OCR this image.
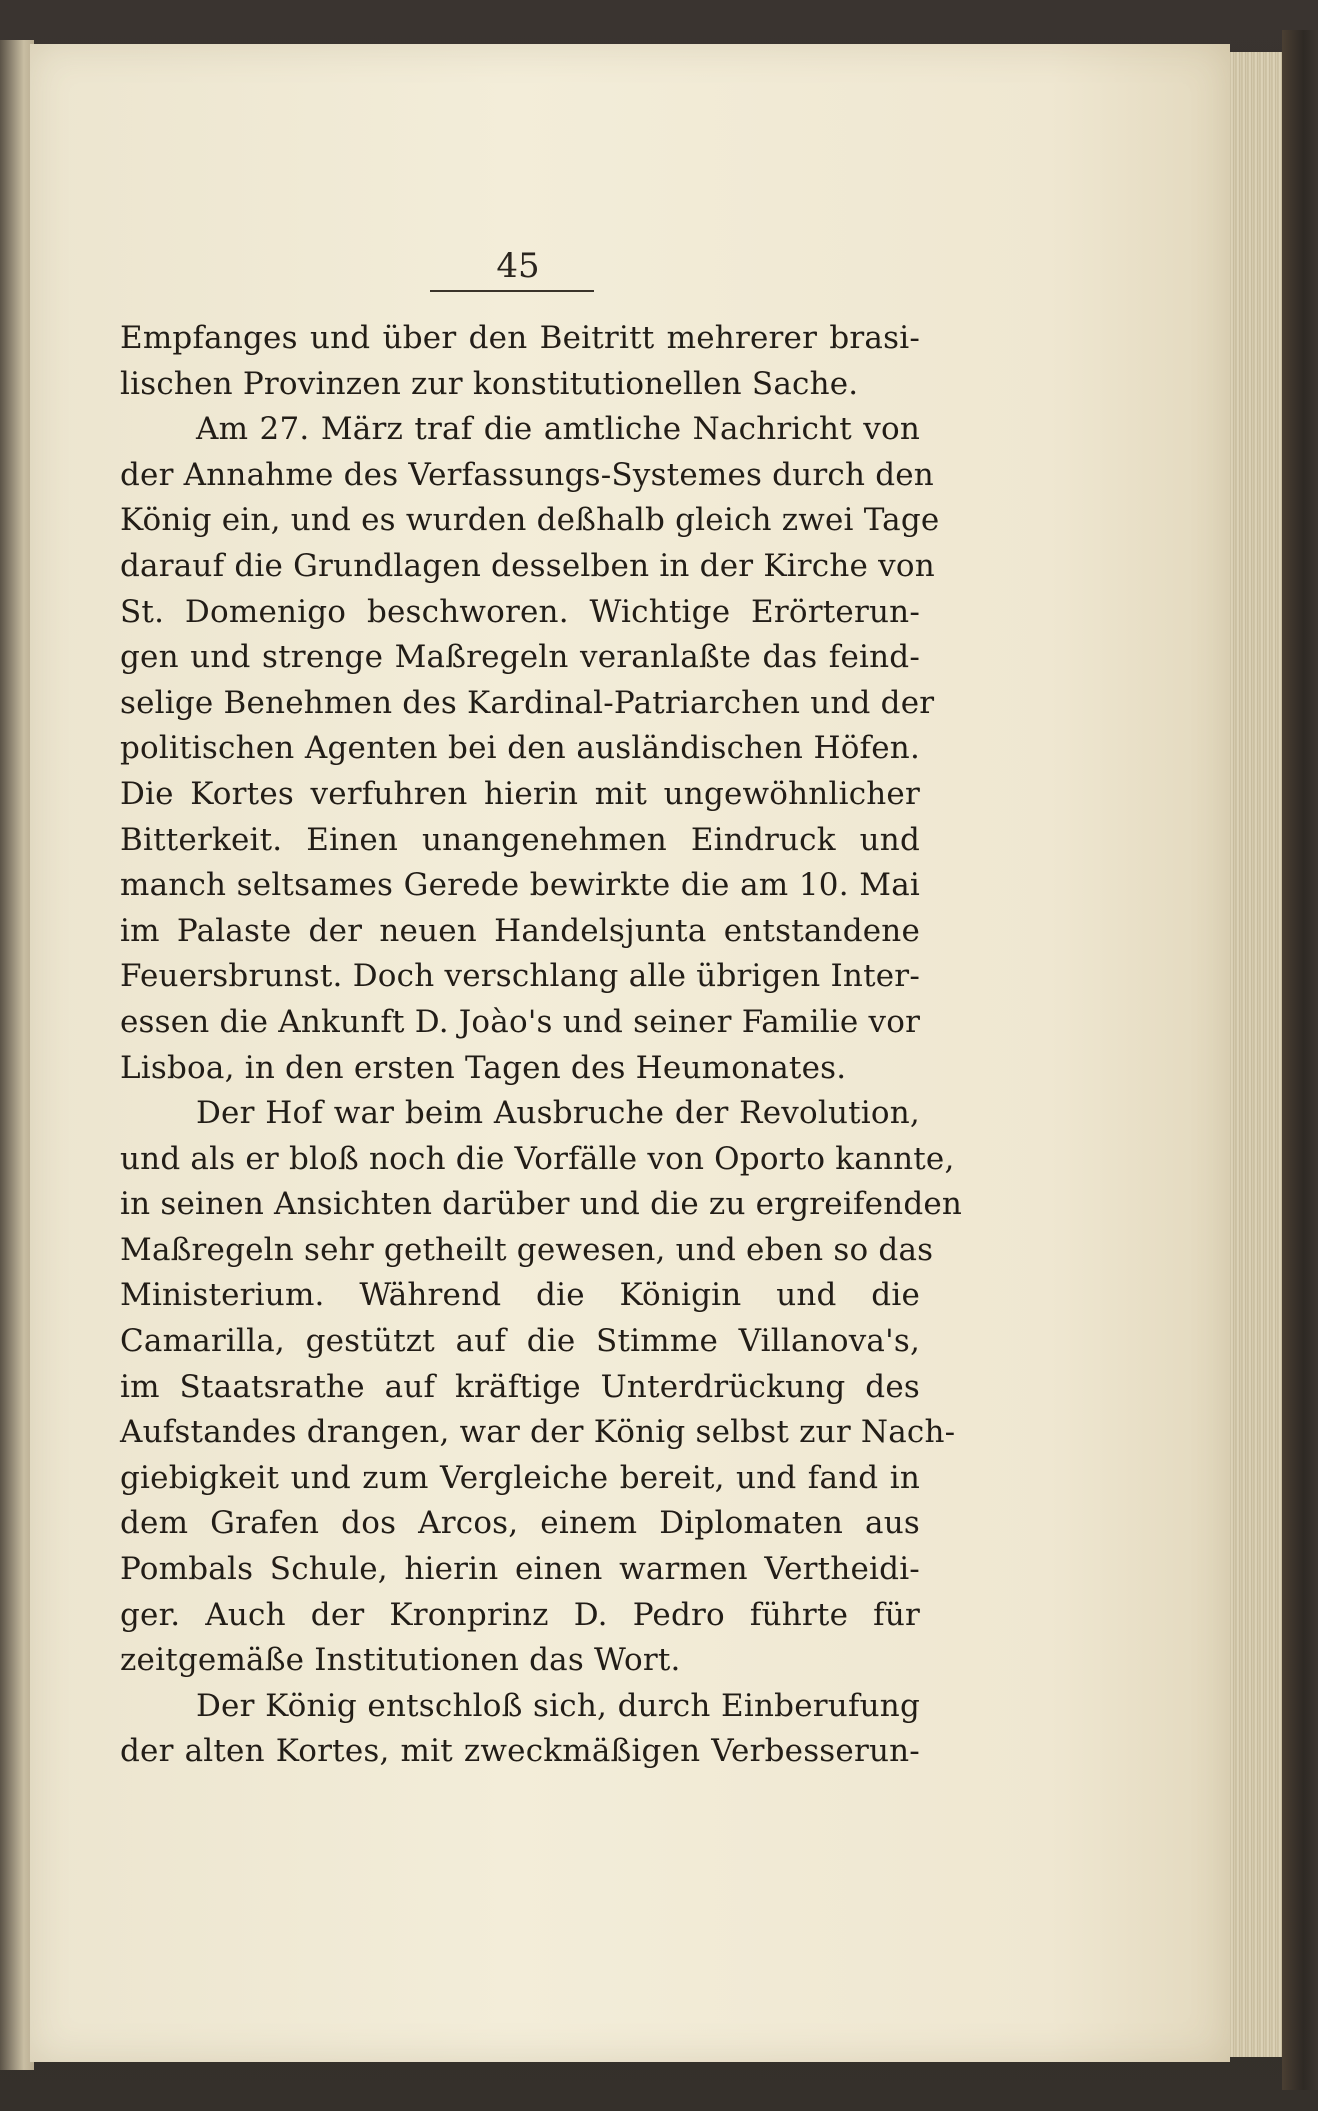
45
Empfanges und über den Beitritt mehrerer brasi-
lischen Provinzen zur konstitutionellen Sache.
Am 27. März traf die amtliche Nachricht von
der Annahme des Verfassungs-Systemes durch den
König ein, und es wurden deßhalb gleich zwei Tage
darauf die Grundlagen desselben in der Kirche von
St. Domenigo beschworen. Wichtige Erörterun-
gen und strenge Maßregeln veranlaßte das feind-
selige Benehmen des Kardinal-Patriarchen und der
politischen Agenten bei den ausländischen Höfen.
Die Kortes verfuhren hierin mit ungewöhnlicher
Bitterkeit. Einen unangenehmen Eindruck und
manch seltsames Gerede bewirkte die am 10. Mai
im Palaste der neuen Handelsjunta entstandene
Feuersbrunst. Doch verschlang alle übrigen Inter-
essen die Ankunft D. Joào's und seiner Familie vor
Lisboa, in den ersten Tagen des Heumonates.
Der Hof war beim Ausbruche der Revolution,
und als er bloß noch die Vorfälle von Oporto kannte,
in seinen Ansichten darüber und die zu ergreifenden
Maßregeln sehr getheilt gewesen, und eben so das
Ministerium. Während die Königin und die
Camarilla, gestützt auf die Stimme Villanova's,
im Staatsrathe auf kräftige Unterdrückung des
Aufstandes drangen, war der König selbst zur Nach-
giebigkeit und zum Vergleiche bereit, und fand in
dem Grafen dos Arcos, einem Diplomaten aus
Pombals Schule, hierin einen warmen Vertheidi-
ger. Auch der Kronprinz D. Pedro führte für
zeitgemäße Institutionen das Wort.
Der König entschloß sich, durch Einberufung
der alten Kortes, mit zweckmäßigen Verbesserun-
